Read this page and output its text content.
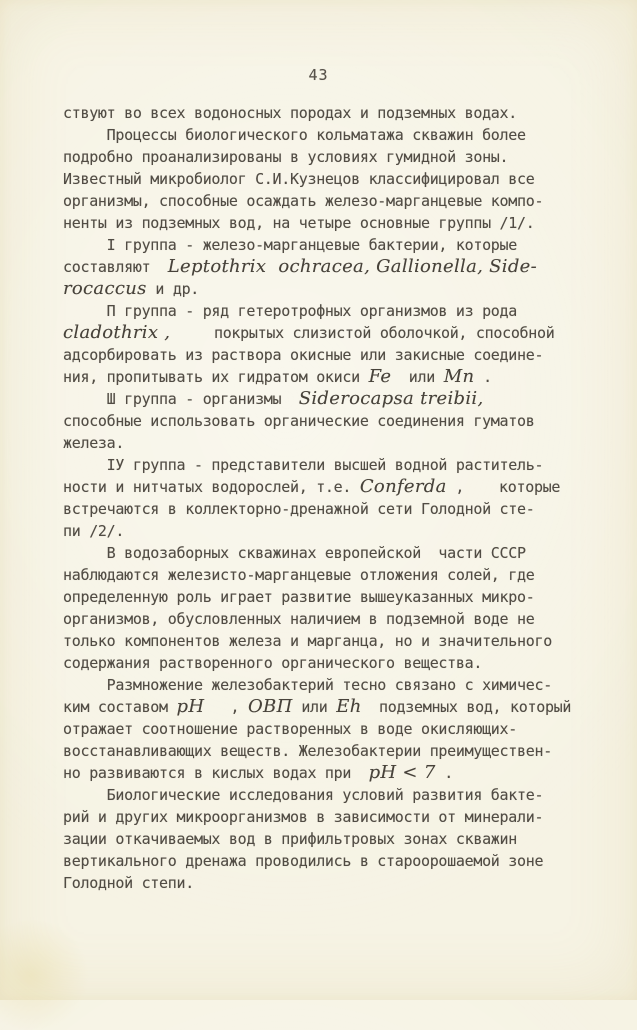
43
ствуют во всех водоносных породах и подземных водах.
Процессы биологического кольматажа скважин более
подробно проанализированы в условиях гумидной зоны.
Известный микробиолог С.И.Кузнецов классифицировал все
организмы, способные осаждать железо-марганцевые компо-
ненты из подземных вод, на четыре основные группы /1/.
I группа - железо-марганцевые бактерии, которые
составляют  Leptothrix  ochracea, Gallionella, Side-
rocaccus и др.
П группа - ряд гетеротрофных организмов из рода
cladothrix ,     покрытых слизистой оболочкой, способной
адсорбировать из раствора окисные или закисные соедине-
ния, пропитывать их гидратом окиси Fe  или Mn .
Ш группа - организмы  Siderocapsa treibii,
способные использовать органические соединения гуматов
железа.
IУ группа - представители высшей водной раститель-
ности и нитчатых водорослей, т.е. Conferda ,    которые
встречаются в коллекторно-дренажной сети Голодной сте-
пи /2/.
В водозаборных скважинах европейской  части СССР
наблюдаются железисто-марганцевые отложения солей, где
определенную роль играет развитие вышеуказанных микро-
организмов, обусловленных наличием в подземной воде не
только компонентов железа и марганца, но и значительного
содержания растворенного органического вещества.
Размножение железобактерий тесно связано с химичес-
ким составом pH   , ОВП или Eh  подземных вод, который
отражает соотношение растворенных в воде окисляющих-
восстанавливающих веществ. Железобактерии преимуществен-
но развиваются в кислых водах при  pH < 7 .
Биологические исследования условий развития бакте-
рий и других микроорганизмов в зависимости от минерали-
зации откачиваемых вод в прифильтровых зонах скважин
вертикального дренажа проводились в староорошаемой зоне
Голодной степи.
